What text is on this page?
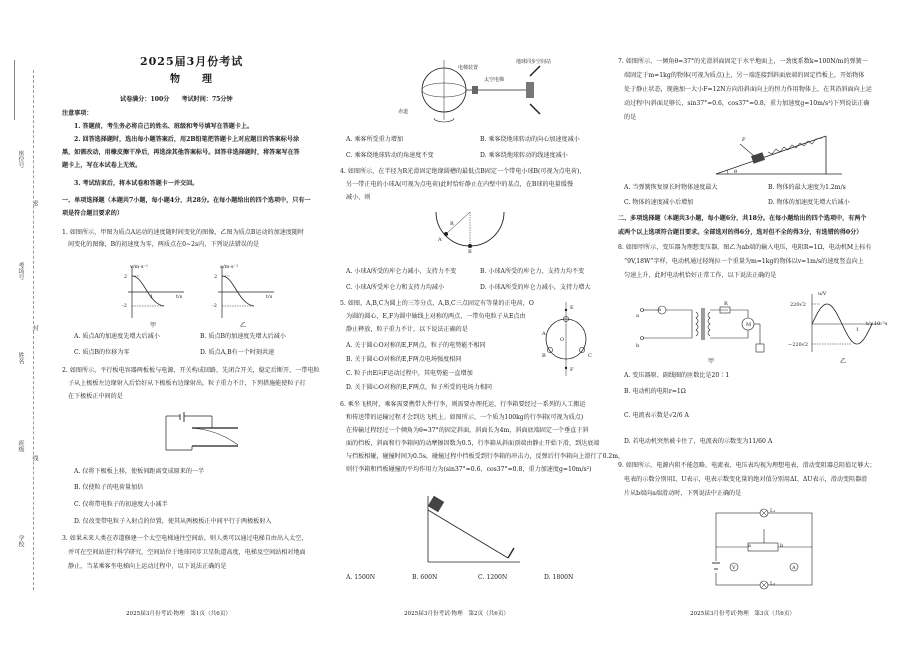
座位号
考场号
姓名
班级
学校
密
封
线
2025届3月份考试
物　理
试卷满分：100分　　考试时间：75分钟
注意事项：
1. 答题前，考生务必将自己的姓名、班级和考号填写在答题卡上。
2. 回答选择题时，选出每小题答案后，用2B铅笔把答题卡上对应题目的答案标号涂
黑，如需改动，用橡皮擦干净后，再选涂其他答案标号。回答非选择题时，将答案写在答
题卡上，写在本试卷上无效。
3. 考试结束后，将本试卷和答题卡一并交回。
一、单项选择题（本题共7小题，每小题4分，共28分。在每小题给出的四个选项中，只有一
项是符合题目要求的）
1. 如图所示，甲图为质点A运动的速度随时间变化的图像，乙图为质点B运动的加速度随时
间变化的图像，B的初速度为零，两质点在0~2s内，下列说法错误的是
v/m·s⁻¹
2
-2
1	t/s
甲
a/m·s⁻²
2
-2
t/s
乙
A. 质点A的加速度先增大后减小	B. 质点B的加速度先增大后减小
C. 质点B的位移为零	D. 质点A,B有一个时刻共速
2. 如图所示，平行板电容器两板板与电源、开关构成回路，先闭合开关，稳定后断开，一带电粒
子从上极板左边缘射入后恰好从下极板右边缘射出，粒子重力不计，下列措施能使粒子打
在下极板正中间的是
A. 仅将下极板上移，使板间距离变成原来的一半
B. 仅使粒子的电荷量加倍
C. 仅将带电粒子的初速度大小减半
D. 仅改变带电粒子入射点的位置，使其从两极板正中间平行于两极板射入
3. 如果未来人类在赤道修建一个太空电梯通往空间站，则人类可以通过电梯自由出入太空，
并可在空间站进行科学研究，空间站位于地球同步卫星轨道高度，电梯及空间站相对地面
静止，当某乘客坐电梯向上运动过程中，以下说法正确的是
2025届3月份考试·物理　第1页（共6页）
电梯装置
地球同步空间站
太空电梯
赤道
A. 乘客所受重力增加	B. 乘客绕地球转动的向心加速度减小
C. 乘客绕地球转动的角速度不变	D. 乘客绕地球转动的线速度减小
4. 如图所示，在半径为R光滑固定绝缘圆槽的最低点B固定一个带电小球B(可视为点电荷)，
另一带正电的小球A(可视为点电荷)此时恰好静止在内壁中的某点，在B球的电量缓慢
减小、则
A
B
R
A. 小球A所受的库仑力减小，支持力不变	B. 小球A所受的库仑力、支持力均不变
C. 小球A所受库仑力和支持力均减小	D. 小球A所受的库仑力减小，支持力增大
5. 如图，A,B,C为圆上的三等分点，A,B,C三点固定有等量的正电荷，O
为圆的圆心，E,F为圆中轴线上对称的两点，一带负电粒子从E点由
静止释放，粒子重力不计，以下说法正确的是
E
F
O
A
B	C
A. 关于圆心O对称的E,F两点，粒子的电势能不相同
B. 关于圆心O对称的E,F两点电场强度相同
C. 粒子由E向F运动过程中，其电势能一直增加
D. 关于圆心O对称的E,F两点，粒子所受的电场力相同
6. 乘坐飞机时，乘客需要携带大件行李，则需要办理托运，行李箱要经过一系列的人工搬运
和传送带的运输过程才会到达飞机上。如图所示，一个质为100kg的行李箱(可视为质点)
在传输过程经过一个倾角为θ=37°的固定斜面，斜面长为4m，斜面底端固定一个垂直于斜
面的挡板，斜面和行李箱间的动摩擦因数为0.5，行李箱从斜面顶端由静止开始下滑，到达底端
与挡板相碰，碰撞时间为0.5s，碰撞过程中挡板受到行李箱的冲击力，反弹后行李箱向上滑行了0.2m，
则行李箱和挡板碰撞的平均作用力为(sin37°=0.6，cos37°=0.8，重力加速度g=10m/s²)
A. 1500N	B. 600N	C. 1200N	D. 1800N
2025届3月份考试·物理　第2页（共6页）
7. 如图所示，一倾角θ=37°的光滑斜面固定于水平地面上，一劲度系数k=100N/m的弹簧一
端固定于m=1kg的物体(可视为质点)上，另一端连接到斜面底端的固定挡板上，开始物体
处于静止状态，现施加一大小F=12N方向沿斜面向上的恒力作用物体上，在其沿斜面向上运
动过程中(斜面足够长，sin37°=0.6，cos37°=0.8，重力加速度g=10m/s²)下列说法正确
的是
F
θ
A. 当弹簧恢复原长时物体速度最大	B. 物体的最大速度为1.2m/s
C. 物体的速度减小后增加	D. 物体的加速度先增大后减小
二、多项选择题（本题共3小题，每小题6分，共18分。在每小题给出的四个选项中，有两个
或两个以上选项符合题目要求。全部选对的得6分，选对但不全的得3分，有选错的得0分）
8. 如图甲所示，变压器为理想变压器，图乙为ab端的输入电压，电阻R=1Ω，电动机M上标有
“9V,18W”字样，电动机通过轻绳拉一个重量为m=1kg的物体以v=1m/s的速度竖直向上
匀速上升，此时电动机恰好正常工作，以下说法正确的是
a
a
b
R
M
甲
u/V
220√2
−220√2
1
t/×10⁻²s
乙
A. 变压器原、副线圈的匝数比是20∶1
B. 电动机的电阻r=1Ω
C. 电流表示数是√2/6 A
D. 若电动机突然被卡住了，电流表的示数变为11/60 A
9. 如图所示，电源内阻不能忽略，电流表、电压表均视为理想电表，滑动变阻器总阻值足够大；
电表的示数分别用I、U表示，电表示数变化量的绝对值分别用ΔI、ΔU表示，滑动变阻器滑
片从b端向a端滑动时，下列说法中正确的是
L₁
L₂
a	b
V	A
2025届3月份考试·物理　第3页（共6页）
